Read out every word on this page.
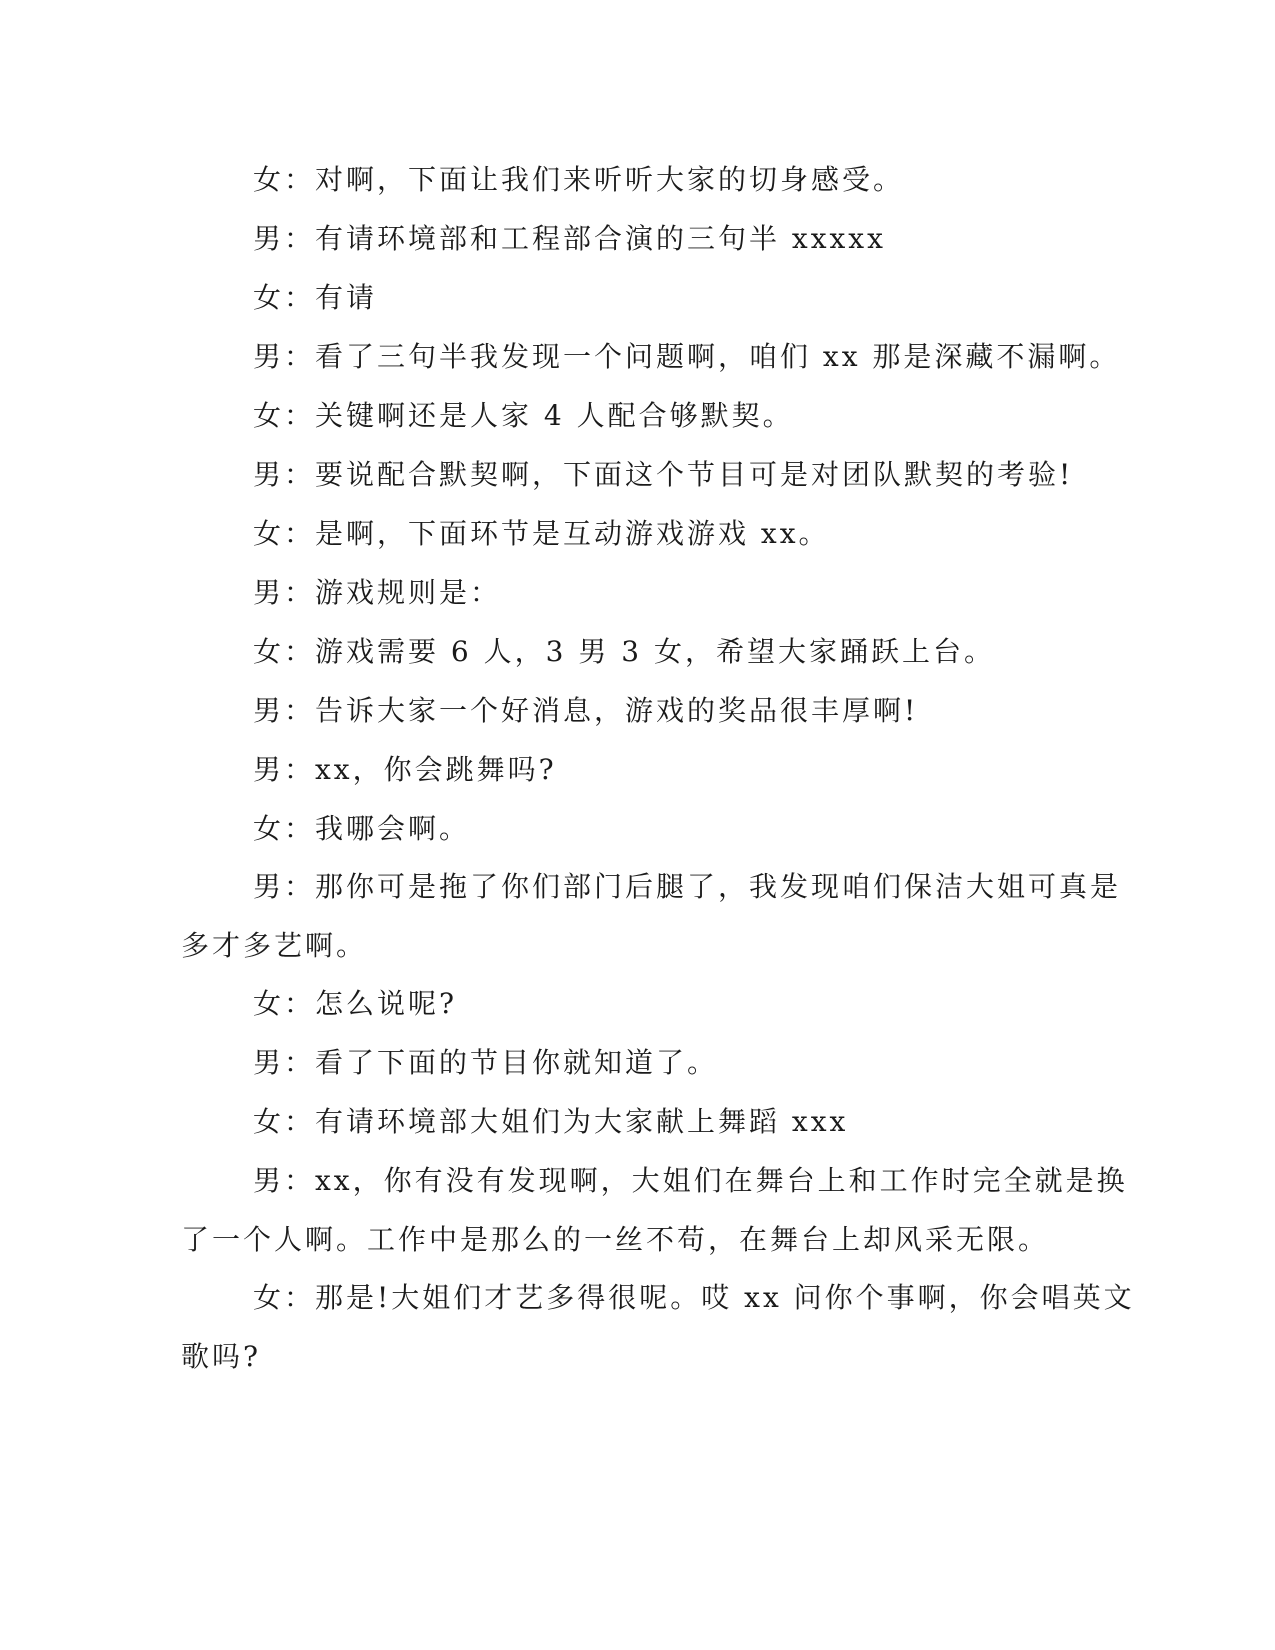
女：对啊，下面让我们来听听大家的切身感受。
男：有请环境部和工程部合演的三句半 xxxxx
女：有请
男：看了三句半我发现一个问题啊，咱们 xx 那是深藏不漏啊。
女：关键啊还是人家 4 人配合够默契。
男：要说配合默契啊，下面这个节目可是对团队默契的考验!
女：是啊，下面环节是互动游戏游戏 xx。
男：游戏规则是：
女：游戏需要 6 人，3 男 3 女，希望大家踊跃上台。
男：告诉大家一个好消息，游戏的奖品很丰厚啊!
男：xx，你会跳舞吗?
女：我哪会啊。
男：那你可是拖了你们部门后腿了，我发现咱们保洁大姐可真是
多才多艺啊。
女：怎么说呢?
男：看了下面的节目你就知道了。
女：有请环境部大姐们为大家献上舞蹈 xxx
男：xx，你有没有发现啊，大姐们在舞台上和工作时完全就是换
了一个人啊。工作中是那么的一丝不苟，在舞台上却风采无限。
女：那是!大姐们才艺多得很呢。哎 xx 问你个事啊，你会唱英文
歌吗?
